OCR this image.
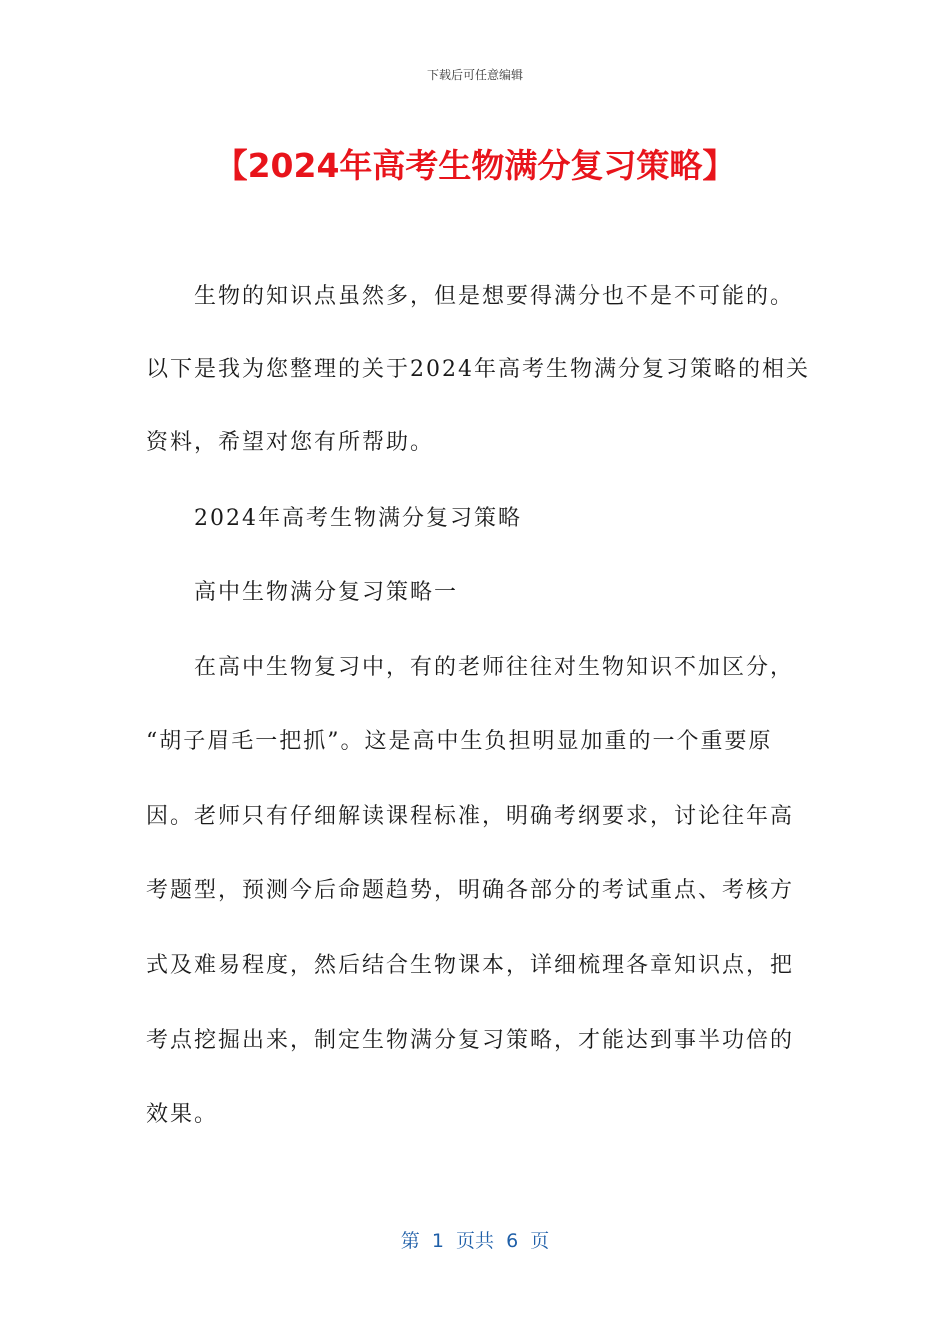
下载后可任意编辑
【2024年高考生物满分复习策略】
生物的知识点虽然多，但是想要得满分也不是不可能的。
以下是我为您整理的关于2024年高考生物满分复习策略的相关
资料，希望对您有所帮助。
2024年高考生物满分复习策略
高中生物满分复习策略一
在高中生物复习中，有的老师往往对生物知识不加区分，
“胡子眉毛一把抓”。这是高中生负担明显加重的一个重要原
因。老师只有仔细解读课程标准，明确考纲要求，讨论往年高
考题型，预测今后命题趋势，明确各部分的考试重点、考核方
式及难易程度，然后结合生物课本，详细梳理各章知识点，把
考点挖掘出来，制定生物满分复习策略，才能达到事半功倍的
效果。
第  1  页共  6  页
